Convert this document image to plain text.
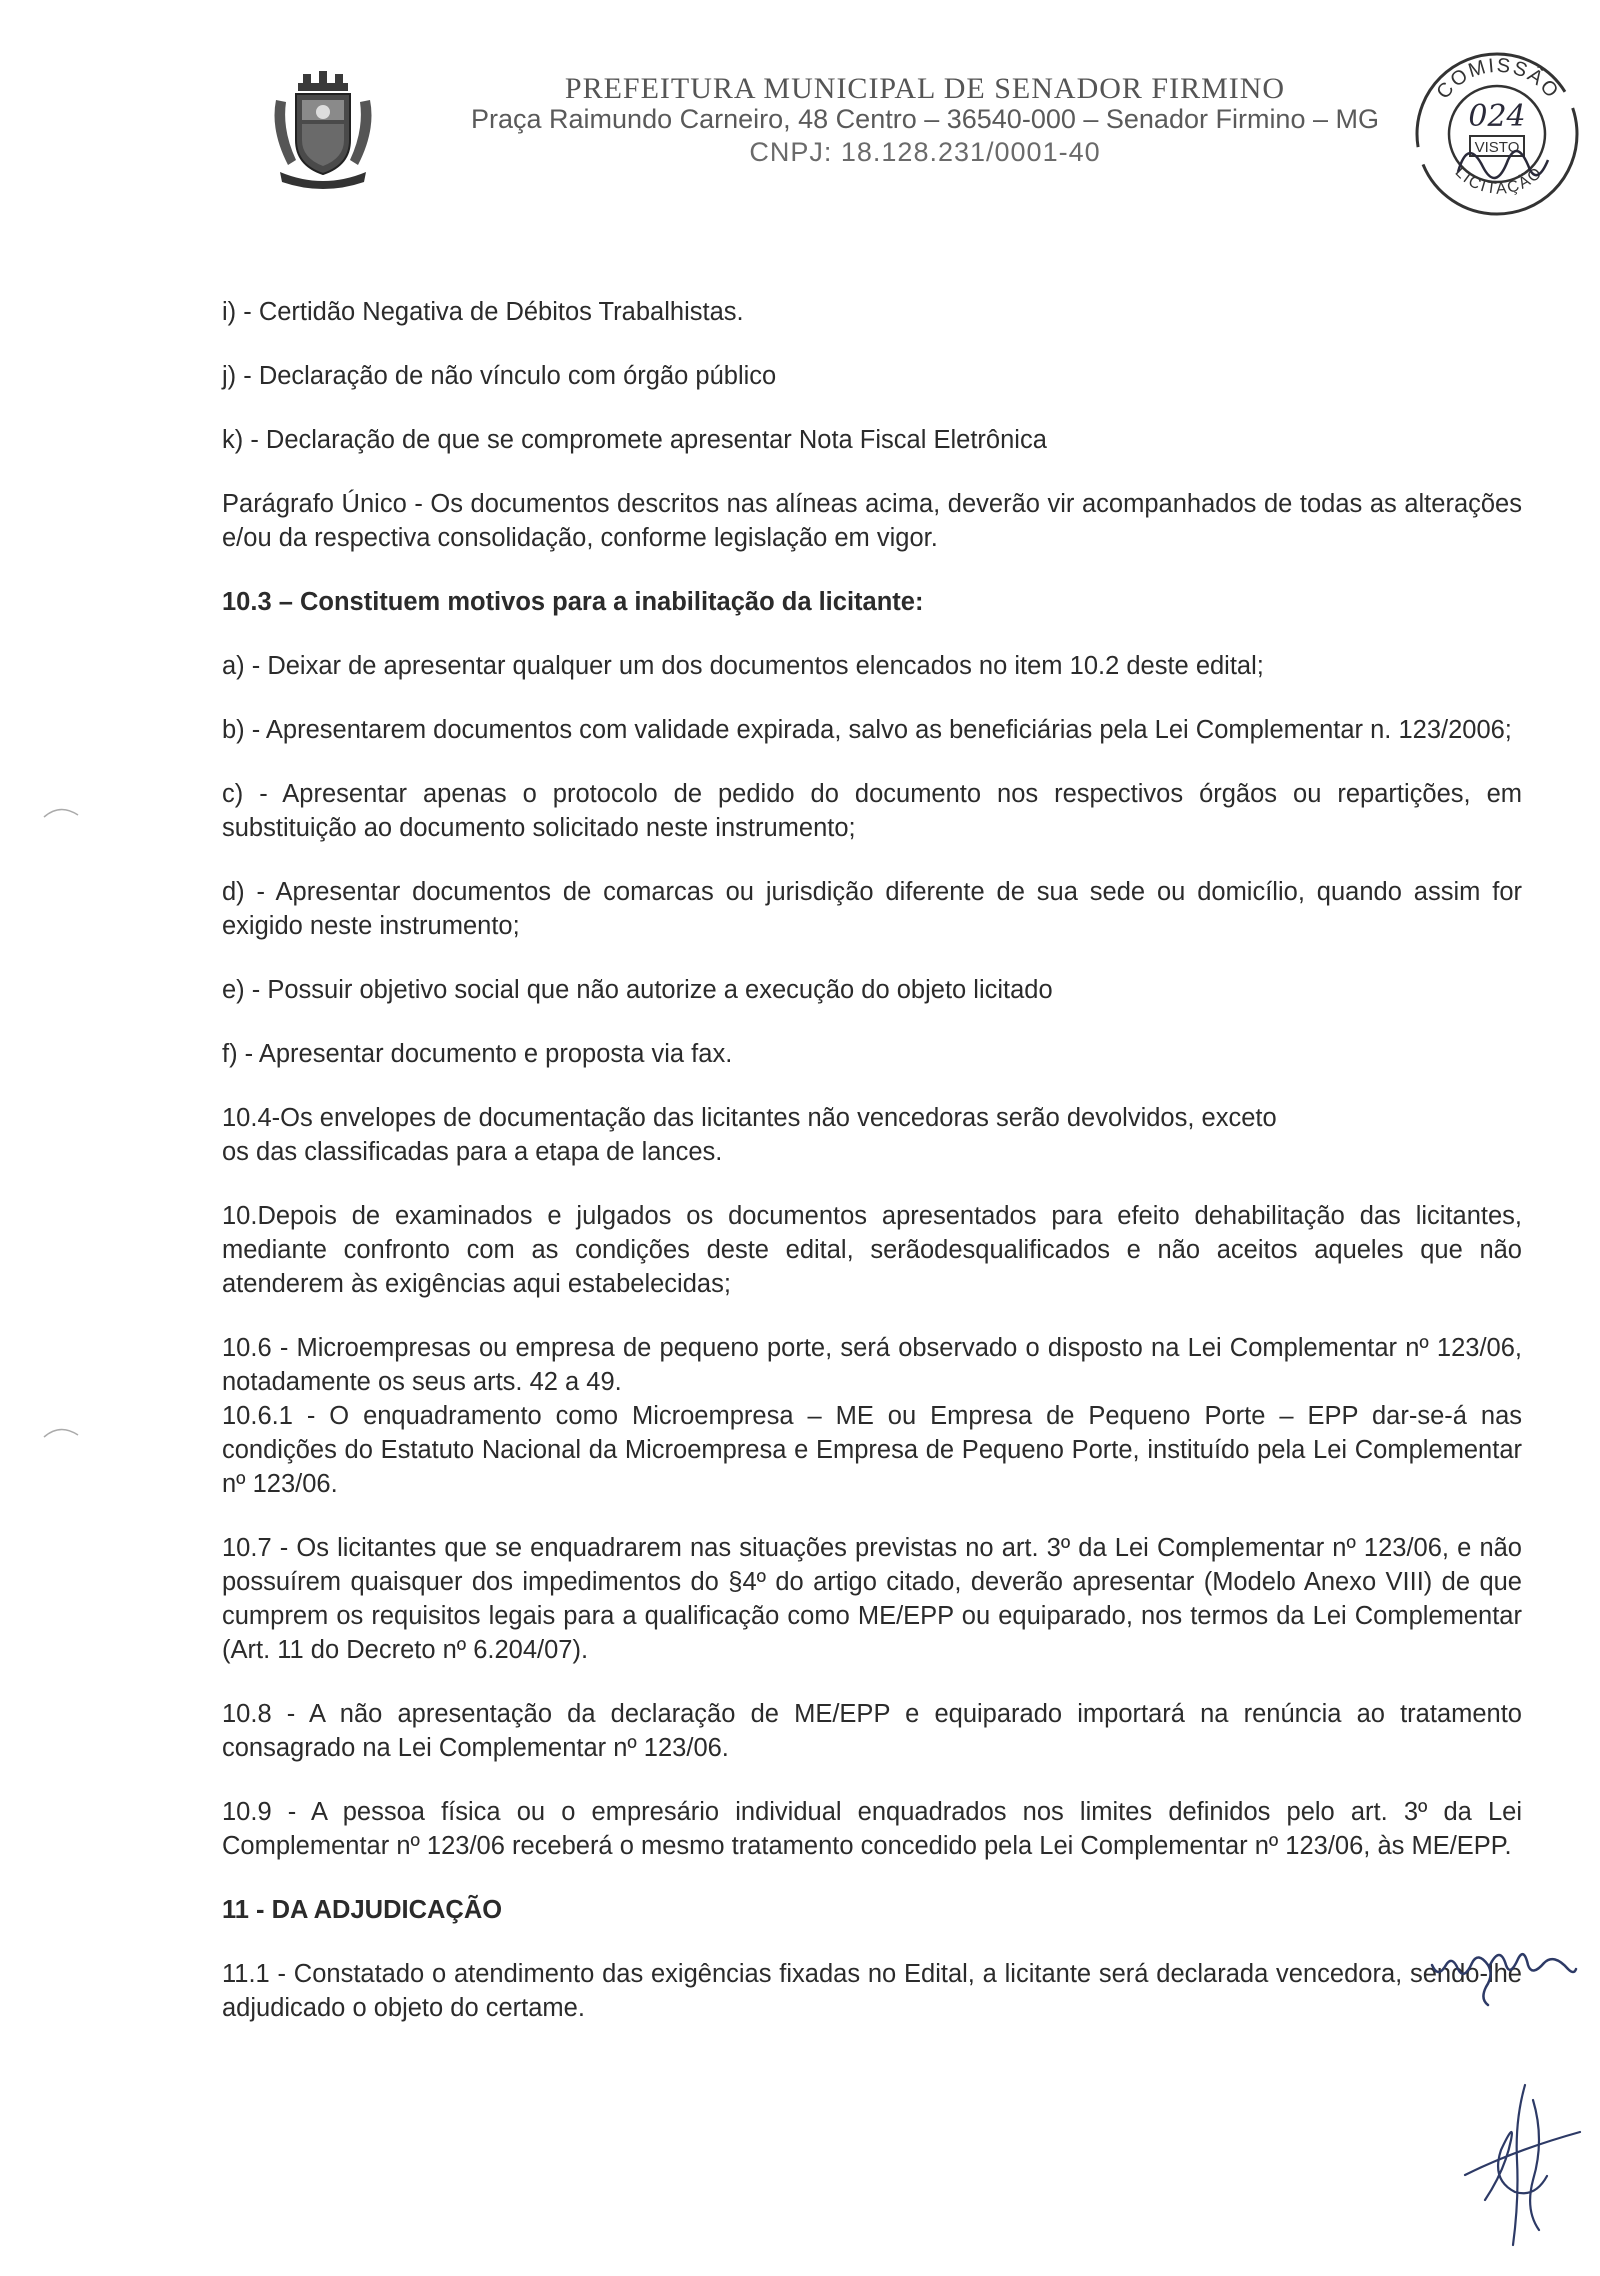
PREFEITURA MUNICIPAL DE SENADOR FIRMINO
Praça Raimundo Carneiro, 48 Centro – 36540-000 – Senador Firmino – MG
CNPJ: 18.128.231/0001-40
COMISSÃO
LICITAÇÃO
024
VISTO

i) - Certidão Negativa de Débitos Trabalhistas.

j) - Declaração de não vínculo com órgão público

k) - Declaração de que se compromete apresentar Nota Fiscal Eletrônica

Parágrafo Único - Os documentos descritos nas alíneas acima, deverão vir acompanhados de todas as alterações e/ou da respectiva consolidação, conforme legislação em vigor.

10.3 – Constituem motivos para a inabilitação da licitante:

a) - Deixar de apresentar qualquer um dos documentos elencados no item 10.2 deste edital;

b) - Apresentarem documentos com validade expirada, salvo as beneficiárias pela Lei Complementar n. 123/2006;

c) - Apresentar apenas o protocolo de pedido do documento nos respectivos órgãos ou repartições, em substituição ao documento solicitado neste instrumento;

d) - Apresentar documentos de comarcas ou jurisdição diferente de sua sede ou domicílio, quando assim for exigido neste instrumento;

e) - Possuir objetivo social que não autorize a execução do objeto licitado

f) - Apresentar documento e proposta via fax.

10.4-Os envelopes de documentação das licitantes não vencedoras serão devolvidos, exceto
os das classificadas para a etapa de lances.

10.Depois de examinados e julgados os documentos apresentados para efeito dehabilitação das licitantes, mediante confronto com as condições deste edital, serãodesqualificados e não aceitos aqueles que não atenderem às exigências aqui estabelecidas;

10.6 - Microempresas ou empresa de pequeno porte, será observado o disposto na Lei Complementar nº 123/06, notadamente os seus arts. 42 a 49.

10.6.1 - O enquadramento como Microempresa – ME ou Empresa de Pequeno Porte – EPP dar-se-á nas condições do Estatuto Nacional da Microempresa e Empresa de Pequeno Porte, instituído pela Lei Complementar nº 123/06.

10.7 - Os licitantes que se enquadrarem nas situações previstas no art. 3º da Lei Complementar nº 123/06, e não possuírem quaisquer dos impedimentos do §4º do artigo citado, deverão apresentar (Modelo Anexo VIII) de que cumprem os requisitos legais para a qualificação como ME/EPP ou equiparado, nos termos da Lei Complementar (Art. 11 do Decreto nº 6.204/07).

10.8 - A não apresentação da declaração de ME/EPP e equiparado importará na renúncia ao tratamento consagrado na Lei Complementar nº 123/06.

10.9 - A pessoa física ou o empresário individual enquadrados nos limites definidos pelo art. 3º da Lei Complementar nº 123/06 receberá o mesmo tratamento concedido pela Lei Complementar nº 123/06, às ME/EPP.

11 - DA ADJUDICAÇÃO

11.1 - Constatado o atendimento das exigências fixadas no Edital, a licitante será declarada vencedora, sendo-lhe adjudicado o objeto do certame.
